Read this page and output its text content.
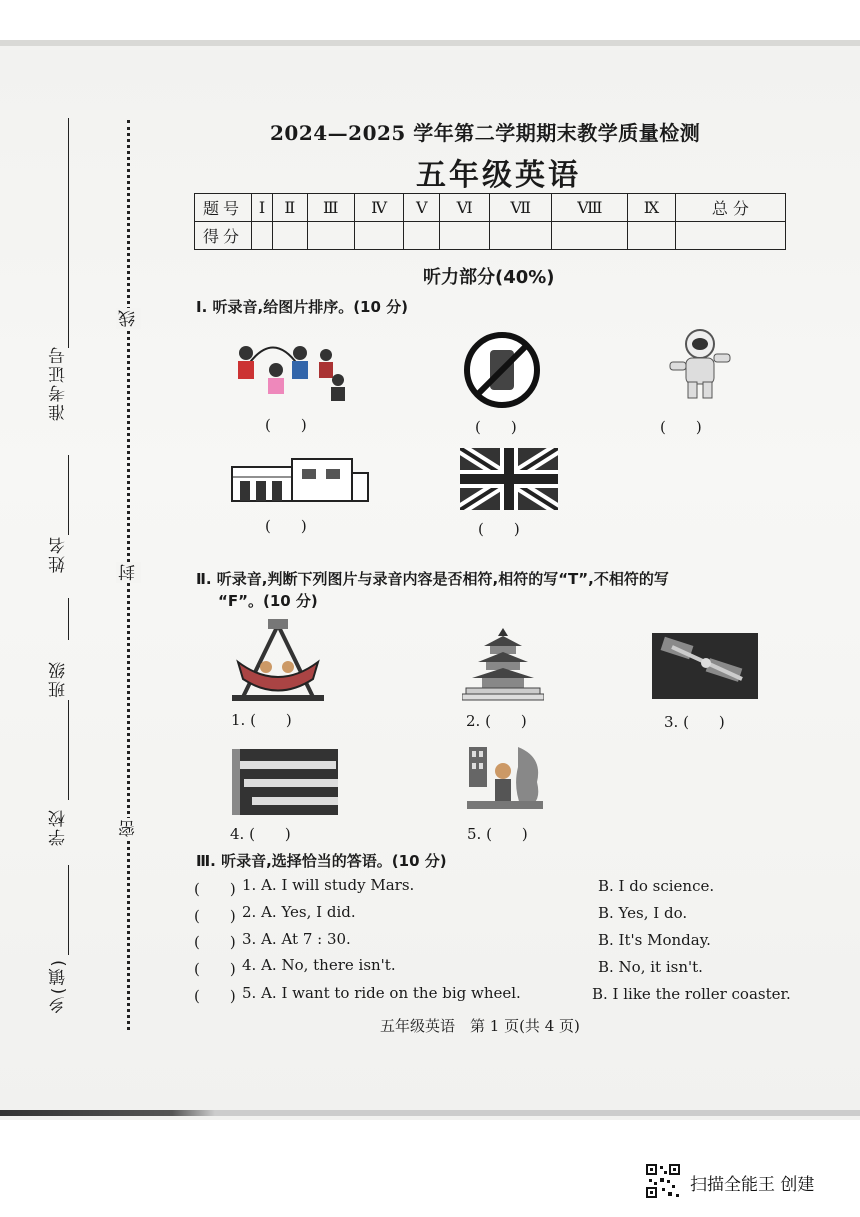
准考证号
姓名
班级
学校
乡(镇)
线
封
密
2024—2025 学年第二学期期末教学质量检测
五年级英语
题号	Ⅰ	Ⅱ	Ⅲ	Ⅳ	Ⅴ	Ⅵ	Ⅶ	Ⅷ	Ⅸ	总 分
得分										
听力部分(40%)
Ⅰ. 听录音,给图片排序。(10 分)
(　　)	(　　)	(　　)
(　　)	(　　)
Ⅱ. 听录音,判断下列图片与录音内容是否相符,相符的写“T”,不相符的写
“F”。(10 分)
1. (　　)	2. (　　)	3. (　　)
4. (　　)	5. (　　)
Ⅲ. 听录音,选择恰当的答语。(10 分)
(　　) 1. A. I will study Mars.	B. I do science.
(　　) 2. A. Yes, I did.	B. Yes, I do.
(　　) 3. A. At 7 : 30.	B. It's Monday.
(　　) 4. A. No, there isn't.	B. No, it isn't.
(　　) 5. A. I want to ride on the big wheel.	B. I like the roller coaster.
五年级英语　第 1 页(共 4 页)
扫描全能王 创建
